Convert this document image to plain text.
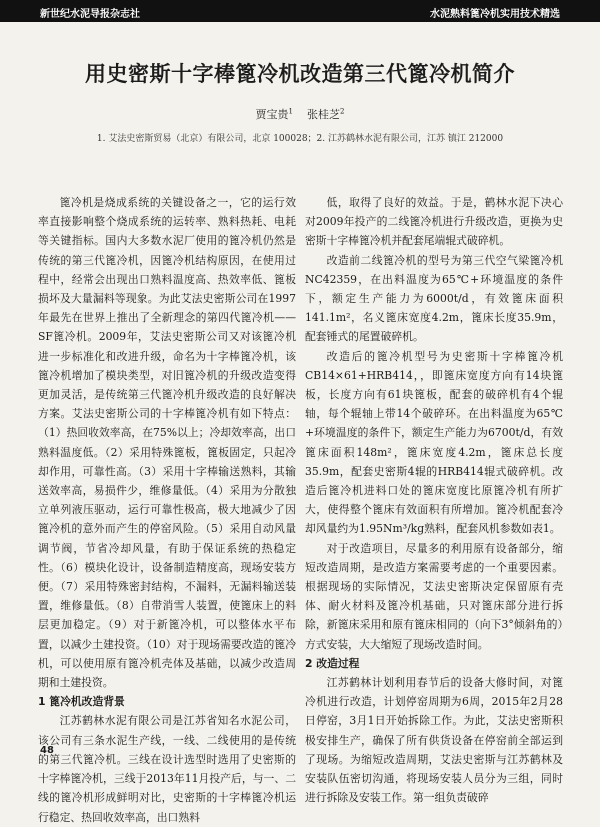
新世纪水泥导报杂志社	水泥熟料篦冷机实用技术精选
用史密斯十字棒篦冷机改造第三代篦冷机简介
贾宝贵$^1$ 张桂芝$^2$
1. 艾法史密斯贸易（北京）有限公司，北京 100028；2. 江苏鹤林水泥有限公司，江苏 镇江 212000

篦冷机是烧成系统的关键设备之一，它的运行效率直接影响整个烧成系统的运转率、熟料热耗、电耗等关键指标。国内大多数水泥厂使用的篦冷机仍然是传统的第三代篦冷机，因篦冷机结构原因，在使用过程中，经常会出现出口熟料温度高、热效率低、篦板损坏及大量漏料等现象。为此艾法史密斯公司在1997年最先在世界上推出了全新理念的第四代篦冷机——SF篦冷机。2009年，艾法史密斯公司又对该篦冷机进一步标准化和改进升级，命名为十字棒篦冷机，该篦冷机增加了模块类型，对旧篦冷机的升级改造变得更加灵活，是传统第三代篦冷机升级改造的良好解决方案。艾法史密斯公司的十字棒篦冷机有如下特点：（1）热回收效率高，在75%以上；冷却效率高，出口熟料温度低。（2）采用特殊篦板，篦板固定，只起冷却作用，可靠性高。（3）采用十字棒输送熟料，其输送效率高，易损件少，维修量低。（4）采用为分散独立单列液压驱动，运行可靠性极高，极大地减少了因篦冷机的意外而产生的停窑风险。（5）采用自动风量调节阀，节省冷却风量，有助于保证系统的热稳定性。（6）模块化设计，设备制造精度高，现场安装方便。（7）采用特殊密封结构，不漏料，无漏料输送装置，维修量低。（8）自带消雪人装置，使篦床上的料层更加稳定。（9）对于新篦冷机，可以整体水平布置，以减少土建投资。（10）对于现场需要改造的篦冷机，可以使用原有篦冷机壳体及基础，以减少改造周期和土建投资。

1 篦冷机改造背景

江苏鹤林水泥有限公司是江苏省知名水泥公司，该公司有三条水泥生产线，一线、二线使用的是传统的第三代篦冷机。三线在设计选型时选用了史密斯的十字棒篦冷机，三线于2013年11月投产后，与一、二线的篦冷机形成鲜明对比，史密斯的十字棒篦冷机运行稳定、热回收效率高，出口熟料

低，取得了良好的效益。于是，鹤林水泥下决心对2009年投产的二线篦冷机进行升级改造，更换为史密斯十字棒篦冷机并配套尾端辊式破碎机。

改造前二线篦冷机的型号为第三代空气梁篦冷机NC42359，在出料温度为65℃+环境温度的条件下，额定生产能力为6000t/d，有效篦床面积141.1m²，名义篦床宽度4.2m，篦床长度35.9m，配套锤式的尾置破碎机。

改造后的篦冷机型号为史密斯十字棒篦冷机CB14×61+HRB414，，即篦床宽度方向有14块篦板，长度方向有61块篦板，配套的破碎机有4个辊轴，每个辊轴上带14个破碎环。在出料温度为65℃+环境温度的条件下，额定生产能力为6700t/d，有效篦床面积148m²，篦床宽度4.2m，篦床总长度35.9m，配套史密斯4辊的HRB414辊式破碎机。改造后篦冷机进料口处的篦床宽度比原篦冷机有所扩大，使得整个篦床有效面积有所增加。篦冷机配套冷却风量约为1.95Nm³/kg熟料，配套风机参数如表1。

对于改造项目，尽量多的利用原有设备部分，缩短改造周期，是改造方案需要考虑的一个重要因素。根据现场的实际情况，艾法史密斯决定保留原有壳体、耐火材料及篦冷机基础，只对篦床部分进行拆除，新篦床采用和原有篦床相同的（向下3°倾斜角的）方式安装，大大缩短了现场改造时间。

2 改造过程

江苏鹤林计划利用春节后的设备大修时间，对篦冷机进行改造，计划停窑周期为6周，2015年2月28日停窑，3月1日开始拆除工作。为此，艾法史密斯积极安排生产，确保了所有供货设备在停窑前全部运到了现场。为缩短改造周期，艾法史密斯与江苏鹤林及安装队伍密切沟通，将现场安装人员分为三组，同时进行拆除及安装工作。第一组负责破碎

48
